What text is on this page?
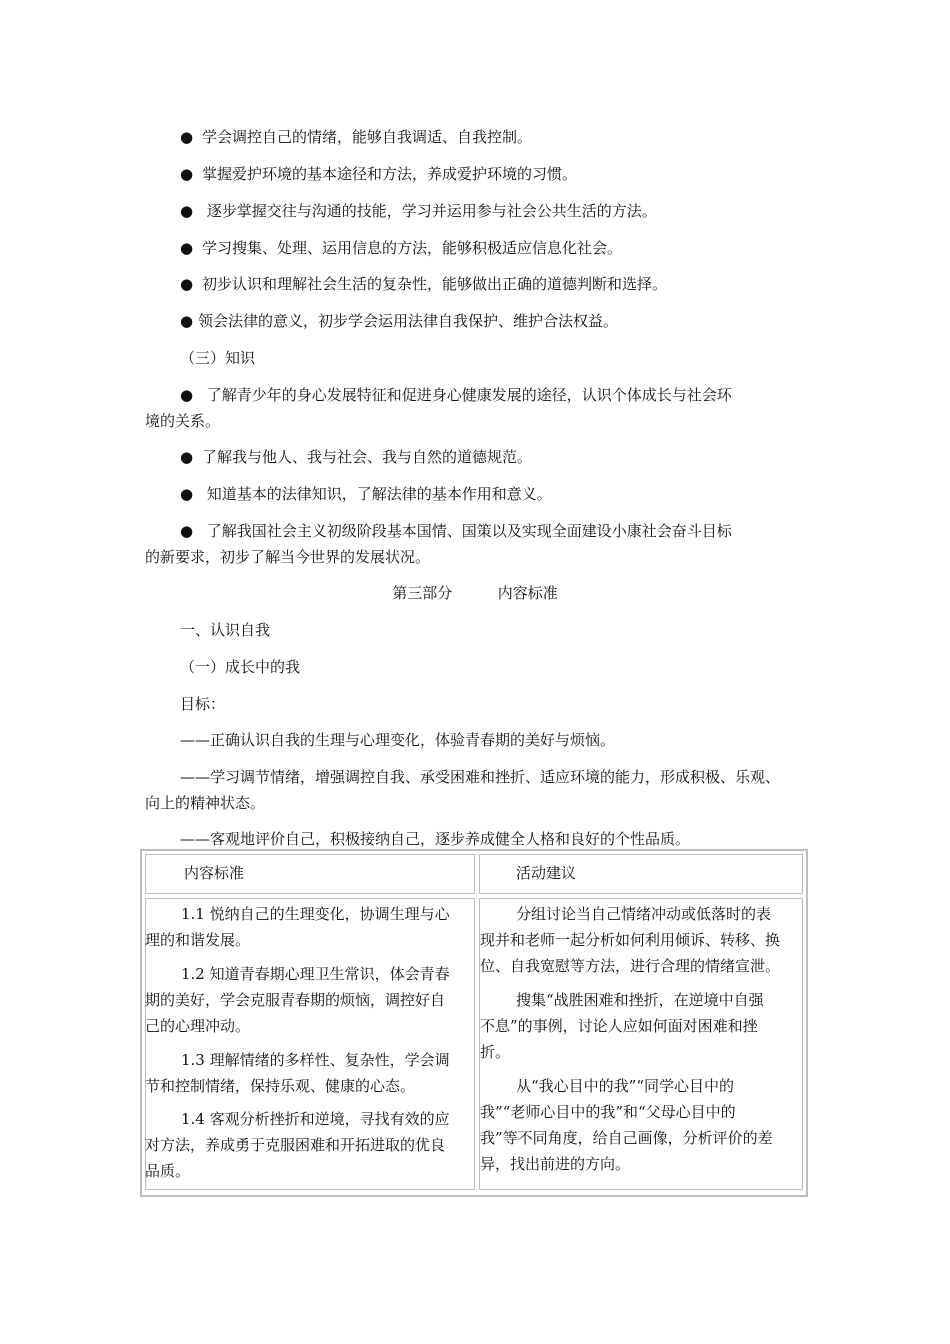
● 学会调控自己的情绪，能够自我调适、自我控制。
● 掌握爱护环境的基本途径和方法，养成爱护环境的习惯。
● 逐步掌握交往与沟通的技能，学习并运用参与社会公共生活的方法。
● 学习搜集、处理、运用信息的方法，能够积极适应信息化社会。
● 初步认识和理解社会生活的复杂性，能够做出正确的道德判断和选择。
● 领会法律的意义，初步学会运用法律自我保护、维护合法权益。
（三）知识
● 了解青少年的身心发展特征和促进身心健康发展的途径，认识个体成长与社会环
境的关系。
● 了解我与他人、我与社会、我与自然的道德规范。
● 知道基本的法律知识，了解法律的基本作用和意义。
● 了解我国社会主义初级阶段基本国情、国策以及实现全面建设小康社会奋斗目标
的新要求，初步了解当今世界的发展状况。
第三部分	内容标准
一、认识自我
（一）成长中的我
目标：
——正确认识自我的生理与心理变化，体验青春期的美好与烦恼。
——学习调节情绪，增强调控自我、承受困难和挫折、适应环境的能力，形成积极、乐观、
向上的精神状态。
——客观地评价自己，积极接纳自己，逐步养成健全人格和良好的个性品质。
内容标准	活动建议
1.1 悦纳自己的生理变化，协调生理与心
理的和谐发展。
1.2 知道青春期心理卫生常识，体会青春
期的美好，学会克服青春期的烦恼，调控好自
己的心理冲动。
1.3 理解情绪的多样性、复杂性，学会调
节和控制情绪，保持乐观、健康的心态。
1.4 客观分析挫折和逆境，寻找有效的应
对方法，养成勇于克服困难和开拓进取的优良
品质。
分组讨论当自己情绪冲动或低落时的表
现并和老师一起分析如何利用倾诉、转移、换
位、自我宽慰等方法，进行合理的情绪宣泄。
搜集“战胜困难和挫折，在逆境中自强
不息”的事例，讨论人应如何面对困难和挫
折。
从“我心目中的我”“同学心目中的
我”“老师心目中的我”和“父母心目中的
我”等不同角度，给自己画像，分析评价的差
异，找出前进的方向。
